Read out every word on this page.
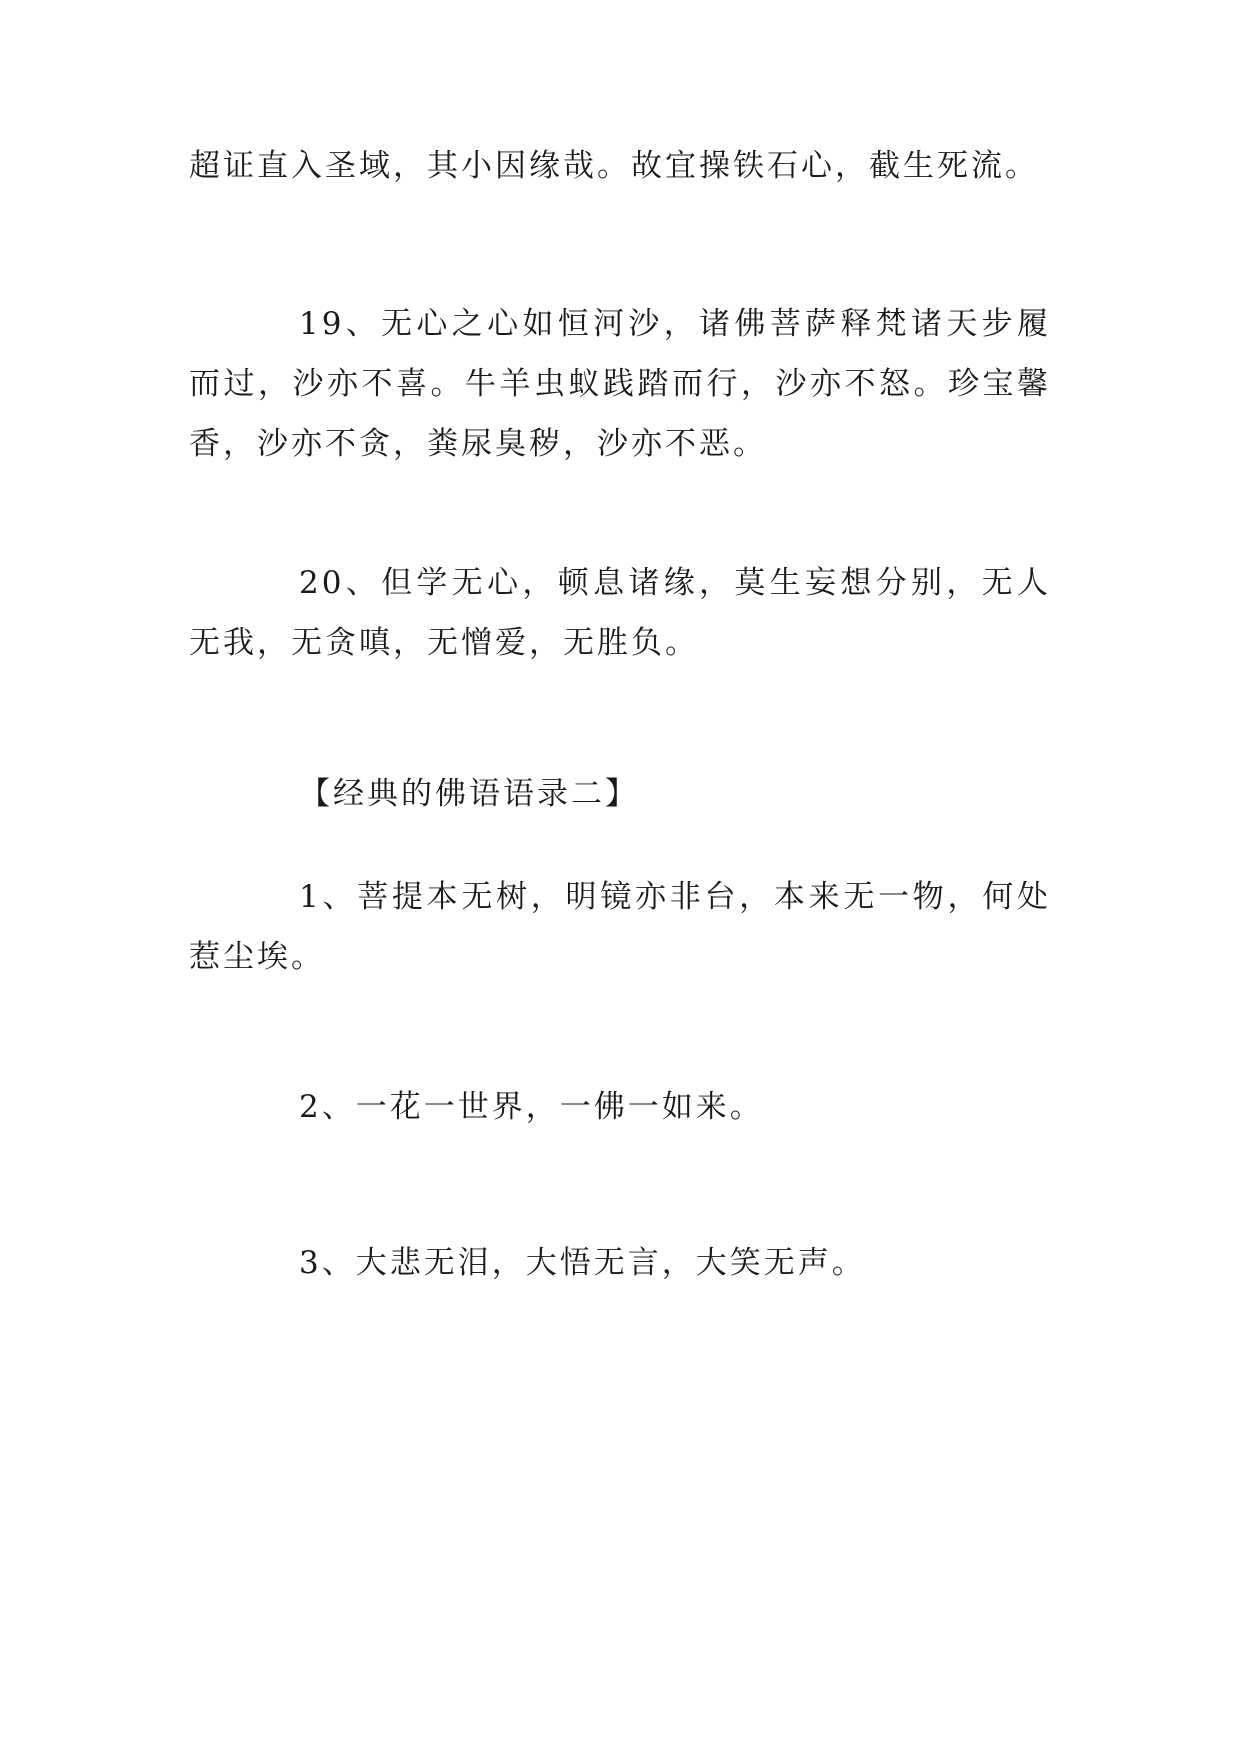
超证直入圣域，其小因缘哉。故宜操铁石心，截生死流。

19、无心之心如恒河沙，诸佛菩萨释梵诸天步履而过，沙亦不喜。牛羊虫蚁践踏而行，沙亦不怒。珍宝馨香，沙亦不贪，粪尿臭秽，沙亦不恶。

20、但学无心，顿息诸缘，莫生妄想分别，无人无我，无贪嗔，无憎爱，无胜负。

【经典的佛语语录二】

1、菩提本无树，明镜亦非台，本来无一物，何处惹尘埃。

2、一花一世界，一佛一如来。

3、大悲无泪，大悟无言，大笑无声。
